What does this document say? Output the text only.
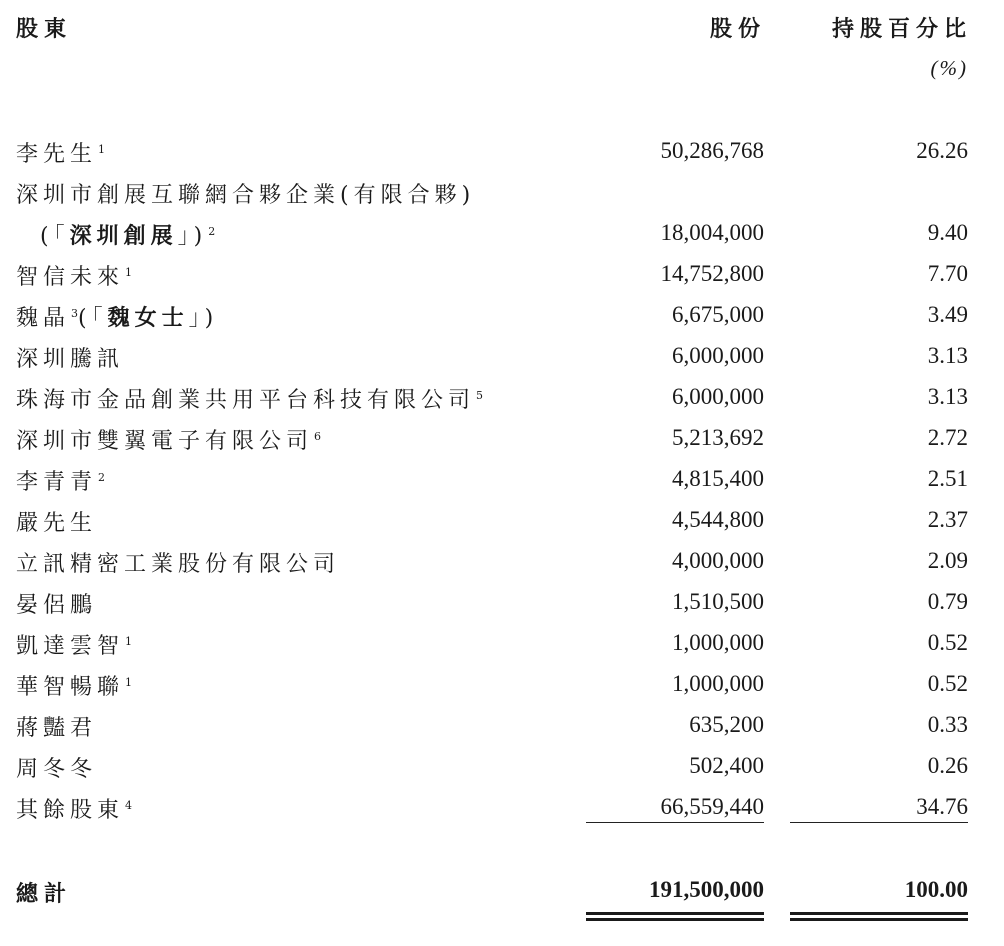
股東	股份	持股百分比
(%)
李先生$^1$	50,286,768	26.26
深圳市創展互聯網合夥企業(有限合夥)
(「深圳創展」)$^2$	18,004,000	9.40
智信未來$^1$	14,752,800	7.70
魏晶$^3$(「魏女士」)	6,675,000	3.49
深圳騰訊	6,000,000	3.13
珠海市金品創業共用平台科技有限公司$^5$	6,000,000	3.13
深圳市雙翼電子有限公司$^6$	5,213,692	2.72
李青青$^2$	4,815,400	2.51
嚴先生	4,544,800	2.37
立訊精密工業股份有限公司	4,000,000	2.09
晏侶鵬	1,510,500	0.79
凱達雲智$^1$	1,000,000	0.52
華智暢聯$^1$	1,000,000	0.52
蔣豔君	635,200	0.33
周冬冬	502,400	0.26
其餘股東$^4$	66,559,440	34.76
總計	191,500,000	100.00
